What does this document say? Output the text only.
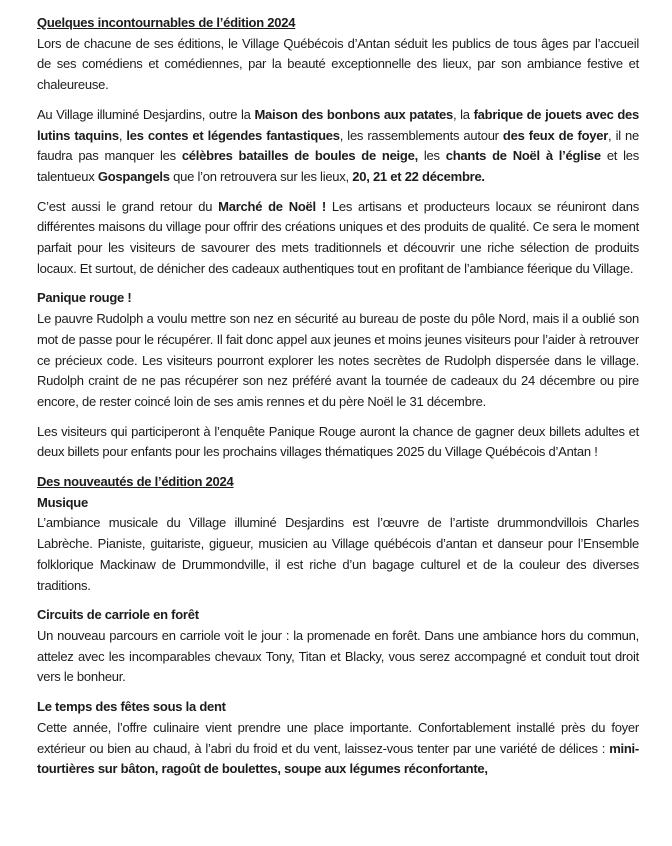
Quelques incontournables de l’édition 2024

Lors de chacune de ses éditions, le Village Québécois d’Antan séduit les publics de tous âges par l’accueil de ses comédiens et comédiennes, par la beauté exceptionnelle des lieux, par son ambiance festive et chaleureuse.

Au Village illuminé Desjardins, outre la Maison des bonbons aux patates, la fabrique de jouets avec des lutins taquins, les contes et légendes fantastiques, les rassemblements autour des feux de foyer, il ne faudra pas manquer les célèbres batailles de boules de neige, les chants de Noël à l’église et les talentueux Gospangels que l’on retrouvera sur les lieux, 20, 21 et 22 décembre.

C’est aussi le grand retour du Marché de Noël ! Les artisans et producteurs locaux se réuniront dans différentes maisons du village pour offrir des créations uniques et des produits de qualité. Ce sera le moment parfait pour les visiteurs de savourer des mets traditionnels et découvrir une riche sélection de produits locaux. Et surtout, de dénicher des cadeaux authentiques tout en profitant de l’ambiance féerique du Village.

Panique rouge !

Le pauvre Rudolph a voulu mettre son nez en sécurité au bureau de poste du pôle Nord, mais il a oublié son mot de passe pour le récupérer. Il fait donc appel aux jeunes et moins jeunes visiteurs pour l’aider à retrouver ce précieux code. Les visiteurs pourront explorer les notes secrètes de Rudolph dispersée dans le village. Rudolph craint de ne pas récupérer son nez préféré avant la tournée de cadeaux du 24 décembre ou pire encore, de rester coincé loin de ses amis rennes et du père Noël le 31 décembre.

Les visiteurs qui participeront à l’enquête Panique Rouge auront la chance de gagner deux billets adultes et deux billets pour enfants pour les prochains villages thématiques 2025 du Village Québécois d’Antan !

Des nouveautés de l’édition 2024

Musique

L’ambiance musicale du Village illuminé Desjardins est l’œuvre de l’artiste drummondvillois Charles Labrèche. Pianiste, guitariste, gigueur, musicien au Village québécois d’antan et danseur pour l’Ensemble folklorique Mackinaw de Drummondville, il est riche d’un bagage culturel et de la couleur des diverses traditions.

Circuits de carriole en forêt

Un nouveau parcours en carriole voit le jour : la promenade en forêt. Dans une ambiance hors du commun, attelez avec les incomparables chevaux Tony, Titan et Blacky, vous serez accompagné et conduit tout droit vers le bonheur.

Le temps des fêtes sous la dent

Cette année, l’offre culinaire vient prendre une place importante. Confortablement installé près du foyer extérieur ou bien au chaud, à l’abri du froid et du vent, laissez-vous tenter par une variété de délices : mini-tourtières sur bâton, ragoût de boulettes, soupe aux légumes réconfortante,
